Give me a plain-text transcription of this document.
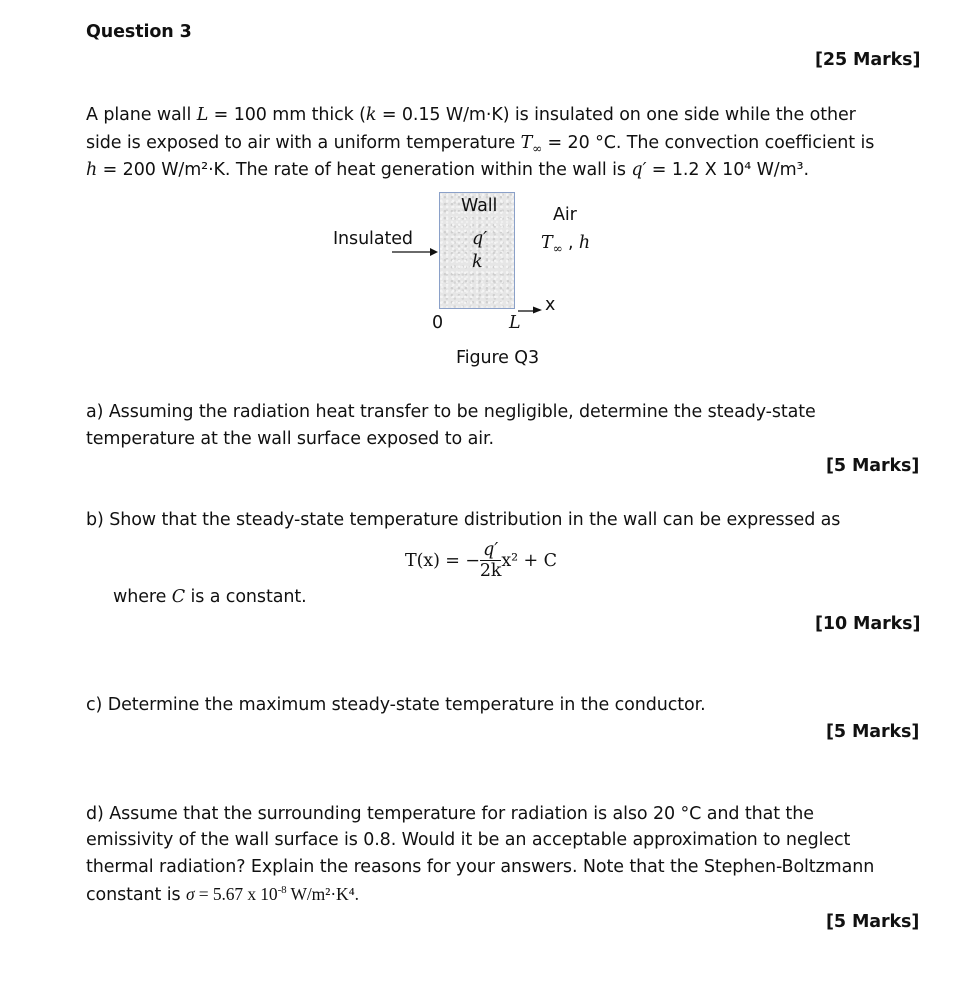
Question 3
[25 Marks]
A plane wall L = 100 mm thick (k = 0.15 W/m·K) is insulated on one side while the other
side is exposed to air with a uniform temperature $T_\infty = 20$ °C. The convection coefficient is
h = 200 W/m²·K. The rate of heat generation within the wall is q′ = 1.2 X 10⁴ W/m³.
Wall
q′
k
Insulated
Air
$T_\infty$ , h
x
0	L
Figure Q3
a) Assuming the radiation heat transfer to be negligible, determine the steady-state
temperature at the wall surface exposed to air.
[5 Marks]
b) Show that the steady-state temperature distribution in the wall can be expressed as
T(x) = − $\frac{q'}{2k} x^2 + C$
where C is a constant.
[10 Marks]
c) Determine the maximum steady-state temperature in the conductor.
[5 Marks]
d) Assume that the surrounding temperature for radiation is also 20 °C and that the
emissivity of the wall surface is 0.8. Would it be an acceptable approximation to neglect
thermal radiation? Explain the reasons for your answers. Note that the Stephen-Boltzmann
constant is σ = 5.67 x $10^{-8}$ W/m²·K⁴.
[5 Marks]
